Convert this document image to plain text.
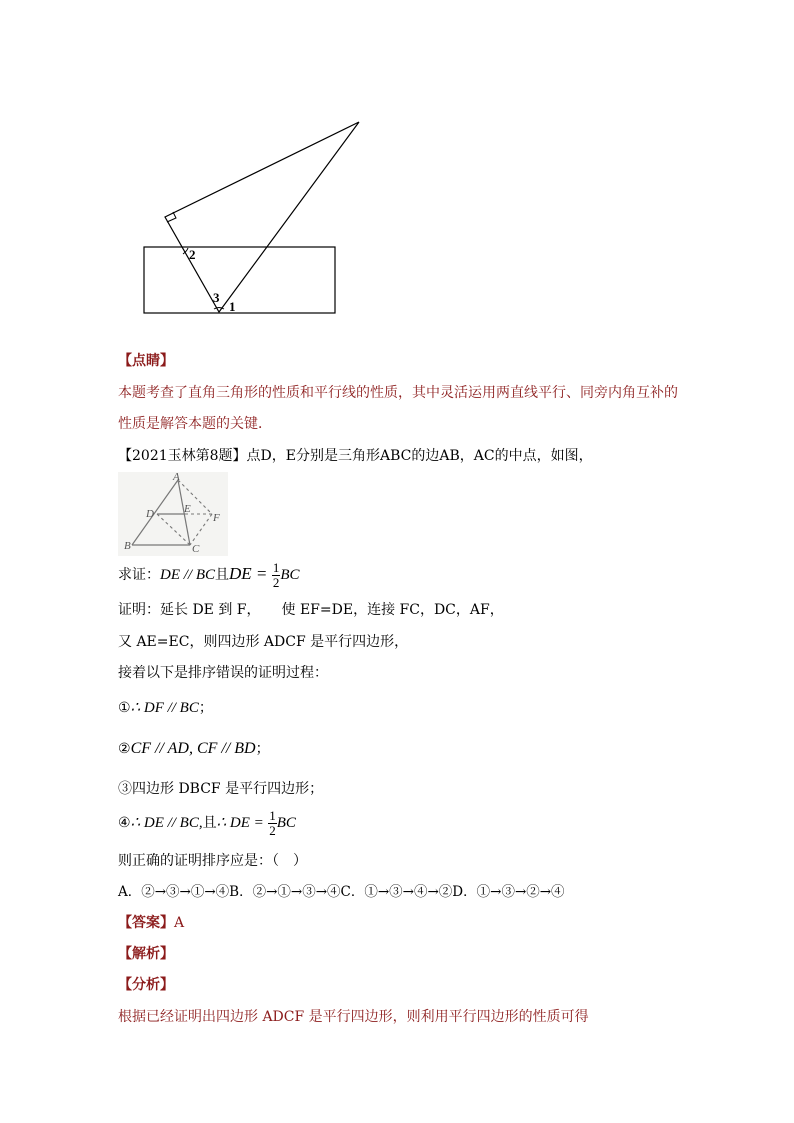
2
3
1
【点睛】
本题考查了直角三角形的性质和平行线的性质，其中灵活运用两直线平行、同旁内角互补的
性质是解答本题的关键．
【2021玉林第8题】点D，E分别是三角形ABC的边AB，AC的中点，如图，
A
D	E
F
B	C
求证：DE // BC且DE = $\frac{1}{2}$ BC
证明：延长 DE 到 F，　　使 EF=DE，连接 FC，DC，AF，
又 AE=EC，则四边形 ADCF 是平行四边形，
接着以下是排序错误的证明过程：
①∴ DF // BC；
②CF // AD, CF // BD；
③四边形 DBCF 是平行四边形；
④∴ DE // BC,且∴ DE = $\frac{1}{2}$ BC
则正确的证明排序应是：（　）
A．②→③→①→④B．②→①→③→④C．①→③→④→②D．①→③→②→④
【答案】A
【解析】
【分析】
根据已经证明出四边形 ADCF 是平行四边形，则利用平行四边形的性质可得
